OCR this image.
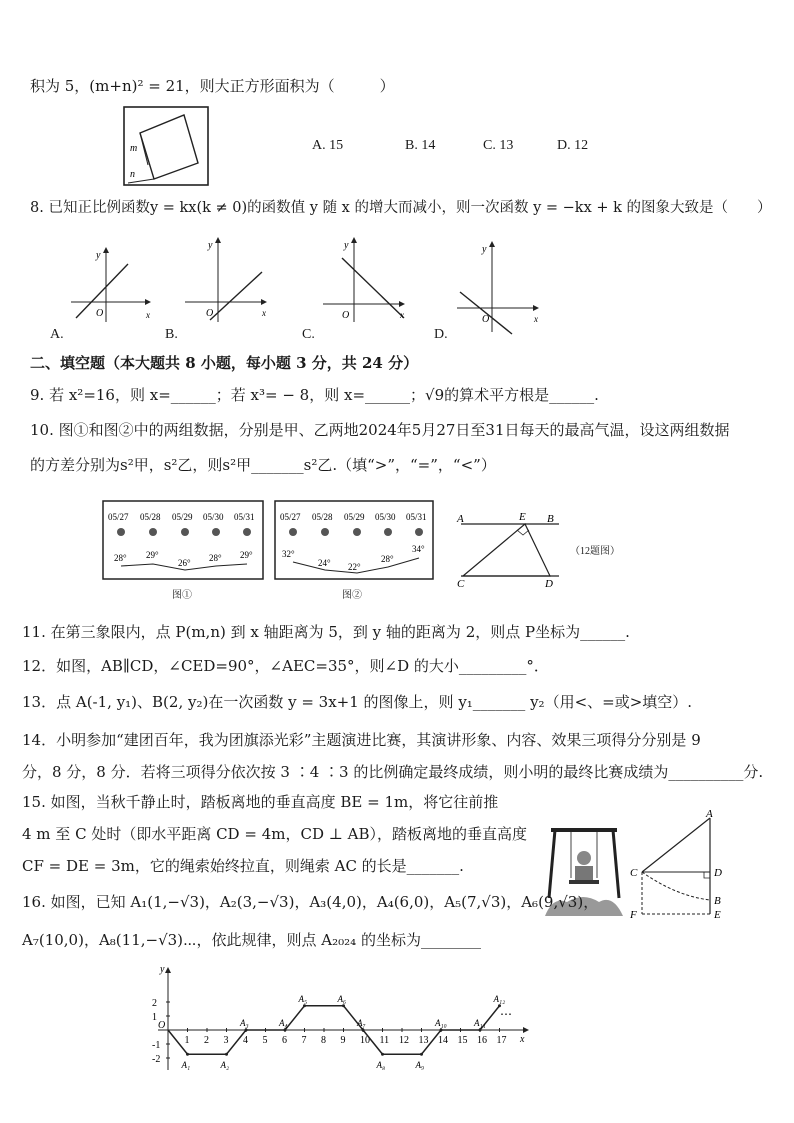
积为 5，(m+n)² = 21，则大正方形面积为（　　　）
m
n
A. 15	B. 14	C. 13	D. 12
8. 已知正比例函数y = kx(k ≠ 0)的函数值 y 随 x 的增大而减小，则一次函数 y = −kx + k 的图象大致是（　　）
O	x
y
A.
O	x
y
B.
O	x
y
C.
O	x
y
D.
二、填空题（本大题共 8 小题，每小题 3 分，共 24 分）
9. 若 x²=16，则 x=______；若 x³= − 8，则 x=______；√9的算术平方根是______.
10. 图①和图②中的两组数据，分别是甲、乙两地2024年5月27日至31日每天的最高气温，设这两组数据
的方差分别为s²甲，s²乙，则s²甲_______s²乙.（填“>”，“=”，“<”）
05/27 05/28 05/29 05/30 05/31
28° 29°
26° 28° 29°
图①
05/27 05/28 05/29 05/30 05/31
32°
24° 22°
28°
34°
图②
A	E B
C	D
（12题图）
11. 在第三象限内，点 P(m,n) 到 x 轴距离为 5，到 y 轴的距离为 2，则点 P坐标为______.
12．如图，AB∥CD，∠CED=90°，∠AEC=35°，则∠D 的大小_________°．
13．点 A(-1, y₁)、B(2, y₂)在一次函数 y = 3x+1 的图像上，则 y₁_______ y₂（用<、=或>填空）.
14．小明参加“建团百年，我为团旗添光彩”主题演进比赛，其演讲形象、内容、效果三项得分分别是 9
分，8 分，8 分．若将三项得分依次按 3 ∶4 ∶3 的比例确定最终成绩，则小明的最终比赛成绩为__________分.
15. 如图，当秋千静止时，踏板离地的垂直高度 BE = 1m，将它往前推
4 m 至 C 处时（即水平距离 CD = 4m，CD ⊥ AB），踏板离地的垂直高度
CF = DE = 3m，它的绳索始终拉直，则绳索 AC 的长是_______.
A
C	D
B
F	E
16. 如图，已知 A₁(1,−√3)，A₂(3,−√3)，A₃(4,0)，A₄(6,0)，A₅(7,√3)，A₆(9,√3)，
A₇(10,0)，A₈(11,−√3)⋯，依此规律，则点 A₂₀₂₄ 的坐标为________
1 2 3 4 5 6 7 8 9 10 11 12 13 14 15 16 17
2
1
-1
-2
A₁	A₂
A₃	A₄
A₅	A₆
A₇
A₈	A₉
A₁₀	A₁₁
A₁₂
y
x
O
⋯
